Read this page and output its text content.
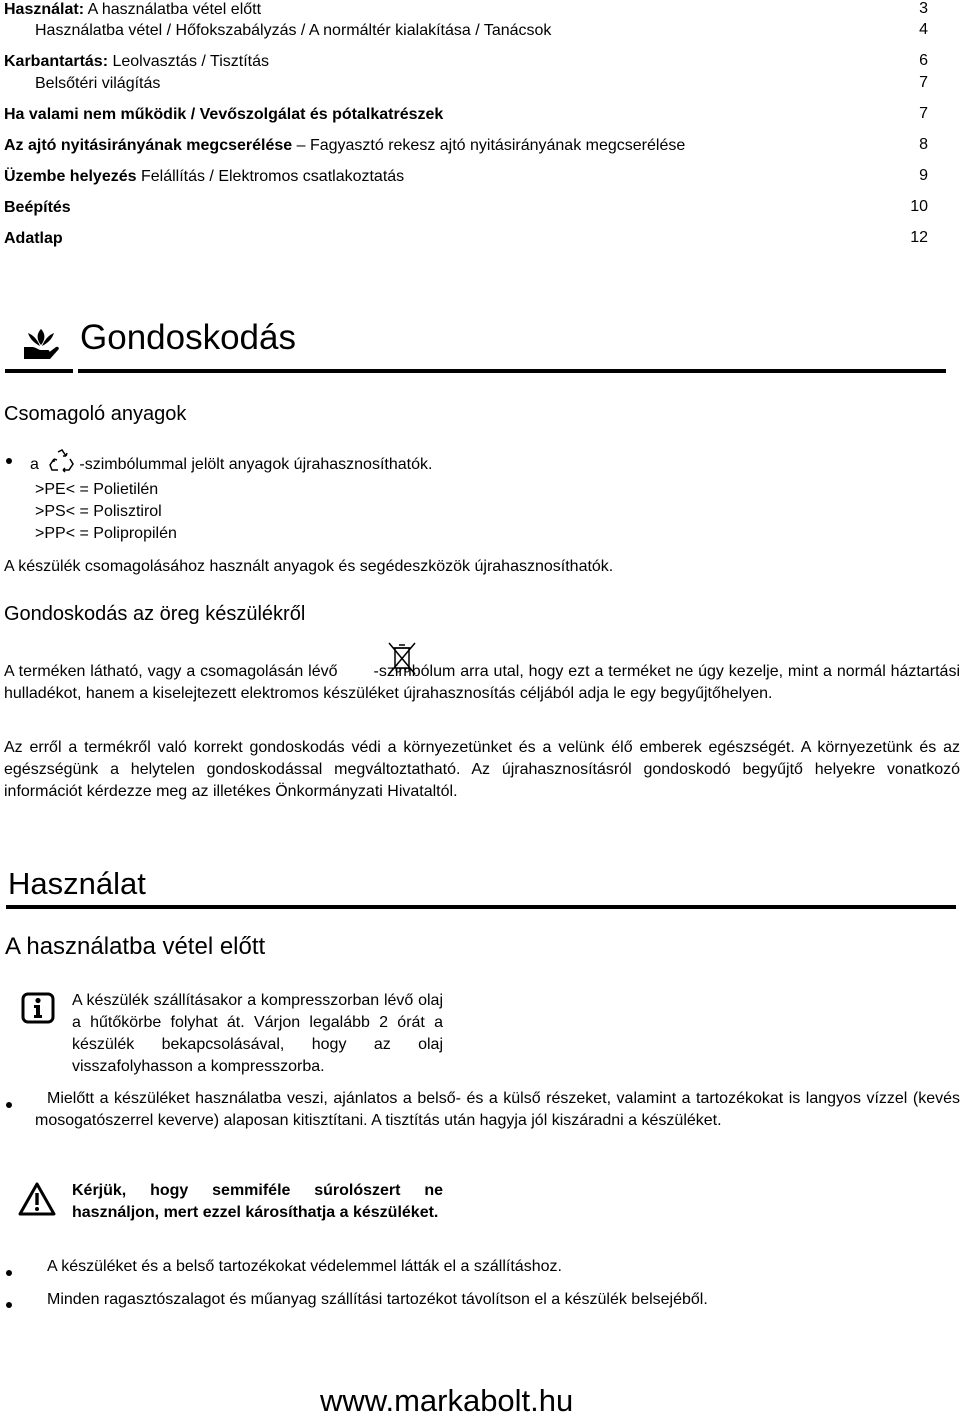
Használat: A használatba vétel előtt	3
Használatba vétel / Hőfokszabályzás / A normáltér kialakítása / Tanácsok	4
Karbantartás: Leolvasztás / Tisztítás	6
Belsőtéri világítás	7
Ha valami nem működik / Vevőszolgálat és pótalkatrészek	7
Az ajtó nyitásirányának megcserélése – Fagyasztó rekesz ajtó nyitásirányának megcserélése	8
Üzembe helyezés Felállítás / Elektromos csatlakoztatás	9
Beépítés	10
Adatlap	12
Gondoskodás
Csomagoló anyagok
a	-szimbólummal jelölt anyagok újrahasznosíthatók.
>PE< = Polietilén
>PS< = Polisztirol
>PP< = Polipropilén
A készülék csomagolásához használt anyagok és segédeszközök újrahasznosíthatók.
Gondoskodás az öreg készülékről
A terméken látható, vagy a csomagolásán lévő -szimbólum arra utal, hogy ezt a terméket ne úgy kezelje, mint a normál háztartási hulladékot, hanem a kiselejtezett elektromos készüléket újrahasznosítás céljából adja le egy begyűjtőhelyen.
Az erről a termékről való korrekt gondoskodás védi a környezetünket és a velünk élő emberek egészségét. A környezetünk és az egészségünk a helytelen gondoskodással megváltoztatható. Az újrahasznosításról gondoskodó begyűjtő helyekre vonatkozó információt kérdezze meg az illetékes Önkormányzati Hivataltól.
Használat
A használatba vétel előtt
A készülék szállításakor a kompresszorban lévő olaj a hűtőkörbe folyhat át. Várjon legalább 2 órát a készülék bekapcsolásával, hogy az olaj visszafolyhasson a kompresszorba.
Mielőtt a készüléket használatba veszi, ajánlatos a belső- és a külső részeket, valamint a tartozékokat is langyos vízzel (kevés mosogatószerrel keverve) alaposan kitisztítani. A tisztítás után hagyja jól kiszáradni a készüléket.
Kérjük, hogy semmiféle súrolószert ne használjon, mert ezzel károsíthatja a készüléket.
A készüléket és a belső tartozékokat védelemmel látták el a szállításhoz.
Minden ragasztószalagot és műanyag szállítási tartozékot távolítson el a készülék belsejéből.
www.markabolt.hu
